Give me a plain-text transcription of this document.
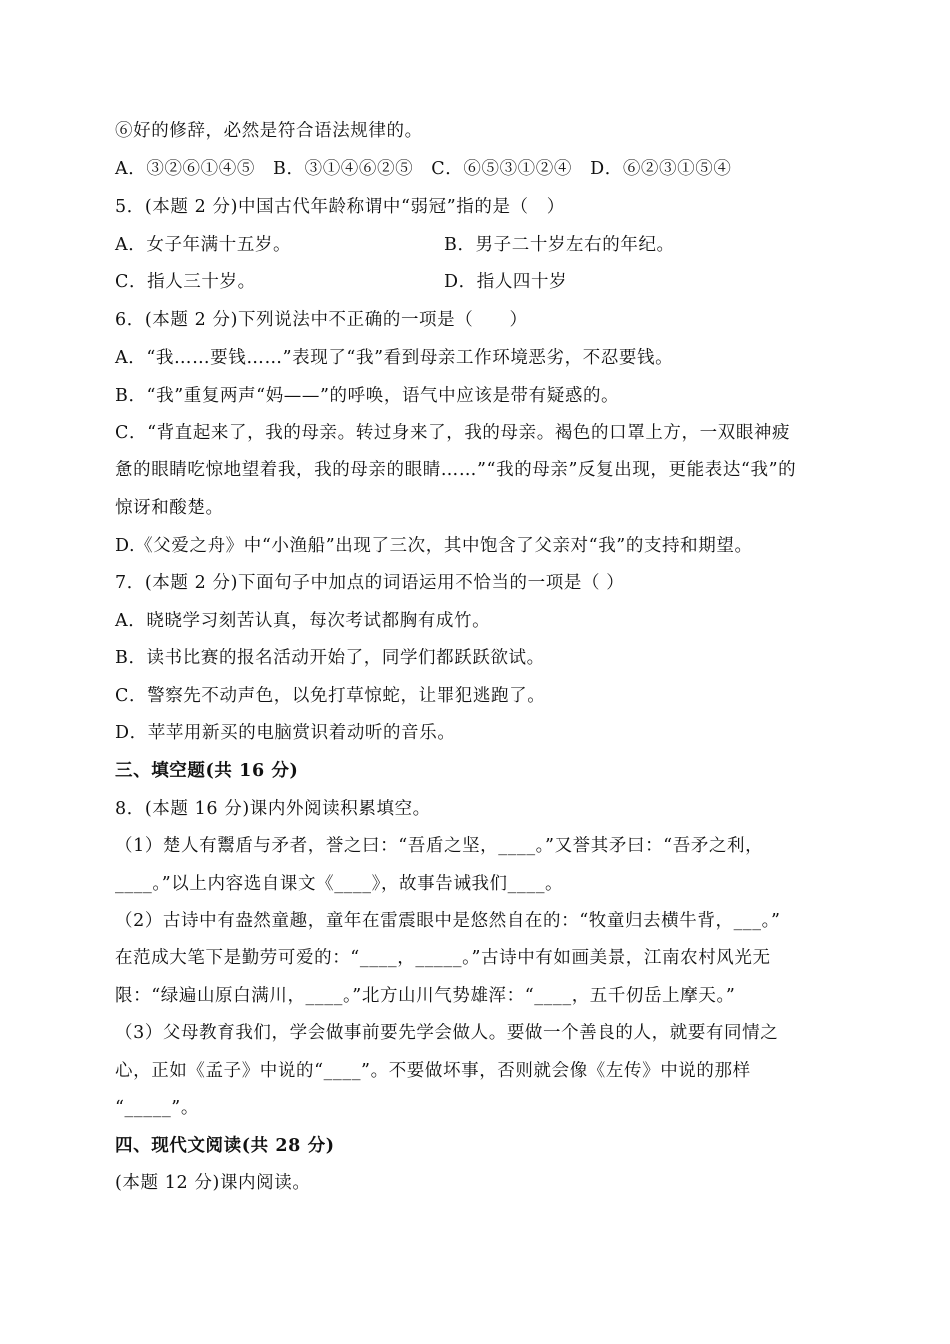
⑥好的修辞，必然是符合语法规律的。
A．③②⑥①④⑤　B．③①④⑥②⑤　C．⑥⑤③①②④　D．⑥②③①⑤④
5．(本题 2 分)中国古代年龄称谓中“弱冠”指的是（　）
A．女子年满十五岁。	B．男子二十岁左右的年纪。
C．指人三十岁。	D．指人四十岁
6．(本题 2 分)下列说法中不正确的一项是（　　）
A．“我……要钱……”表现了“我”看到母亲工作环境恶劣，不忍要钱。
B．“我”重复两声“妈——”的呼唤，语气中应该是带有疑惑的。
C．“背直起来了，我的母亲。转过身来了，我的母亲。褐色的口罩上方，一双眼神疲
惫的眼睛吃惊地望着我，我的母亲的眼睛……”“我的母亲”反复出现，更能表达“我”的
惊讶和酸楚。
D.《父爱之舟》中“小渔船”出现了三次，其中饱含了父亲对“我”的支持和期望。
7．(本题 2 分)下面句子中加点的词语运用不恰当的一项是（ ）
A．晓晓学习刻苦认真，每次考试都胸有成竹。
B．读书比赛的报名活动开始了，同学们都跃跃欲试。
C．警察先不动声色，以免打草惊蛇，让罪犯逃跑了。
D．苹苹用新买的电脑赏识着动听的音乐。
三、填空题(共 16 分)
8．(本题 16 分)课内外阅读积累填空。
（1）楚人有鬻盾与矛者，誉之曰：“吾盾之坚，____。”又誉其矛曰：“吾矛之利，
____。”以上内容选自课文《____》，故事告诫我们____。
（2）古诗中有盎然童趣，童年在雷震眼中是悠然自在的：“牧童归去横牛背，___。”
在范成大笔下是勤劳可爱的：“____，_____。”古诗中有如画美景，江南农村风光无
限：“绿遍山原白满川，____。”北方山川气势雄浑：“____，五千仞岳上摩天。”
（3）父母教育我们，学会做事前要先学会做人。要做一个善良的人，就要有同情之
心，正如《孟子》中说的“____”。不要做坏事，否则就会像《左传》中说的那样
“_____”。
四、现代文阅读(共 28 分)
(本题 12 分)课内阅读。
